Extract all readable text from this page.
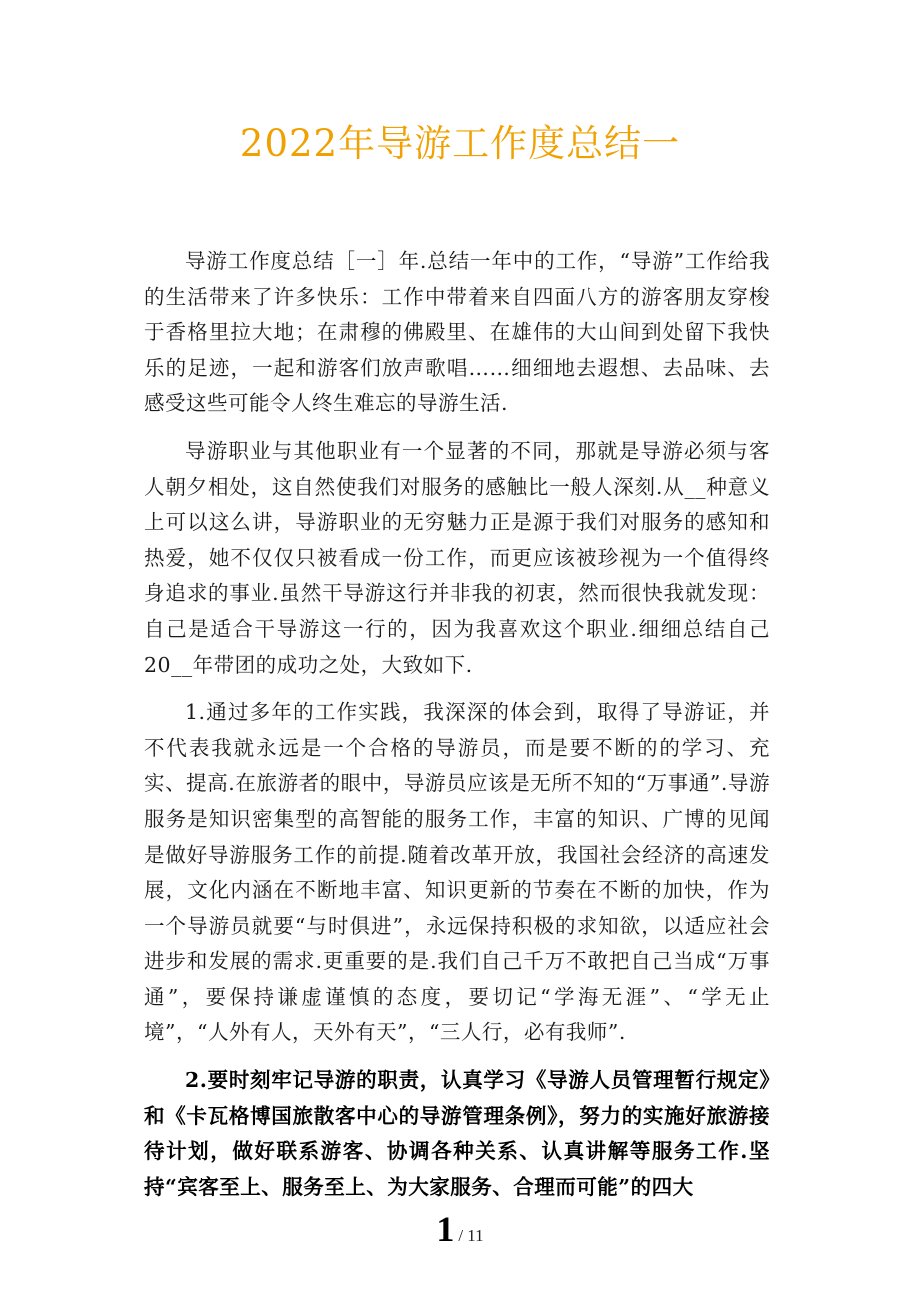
2022年导游工作度总结一

导游工作度总结［一］年.总结一年中的工作，“导游”工作给我的生活带来了许多快乐：工作中带着来自四面八方的游客朋友穿梭于香格里拉大地；在肃穆的佛殿里、在雄伟的大山间到处留下我快乐的足迹，一起和游客们放声歌唱……细细地去遐想、去品味、去感受这些可能令人终生难忘的导游生活.

导游职业与其他职业有一个显著的不同，那就是导游必须与客人朝夕相处，这自然使我们对服务的感触比一般人深刻.从__种意义上可以这么讲，导游职业的无穷魅力正是源于我们对服务的感知和热爱，她不仅仅只被看成一份工作，而更应该被珍视为一个值得终身追求的事业.虽然干导游这行并非我的初衷，然而很快我就发现：自己是适合干导游这一行的，因为我喜欢这个职业.细细总结自己20__年带团的成功之处，大致如下.

1.通过多年的工作实践，我深深的体会到，取得了导游证，并不代表我就永远是一个合格的导游员，而是要不断的的学习、充实、提高.在旅游者的眼中，导游员应该是无所不知的“万事通”.导游服务是知识密集型的高智能的服务工作，丰富的知识、广博的见闻是做好导游服务工作的前提.随着改革开放，我国社会经济的高速发展，文化内涵在不断地丰富、知识更新的节奏在不断的加快，作为一个导游员就要“与时俱进”，永远保持积极的求知欲，以适应社会进步和发展的需求.更重要的是.我们自己千万不敢把自己当成“万事通”，要保持谦虚谨慎的态度，要切记“学海无涯”、“学无止境”，“人外有人，天外有天”，“三人行，必有我师”.

2.要时刻牢记导游的职责，认真学习《导游人员管理暂行规定》和《卡瓦格博国旅散客中心的导游管理条例》，努力的实施好旅游接待计划，做好联系游客、协调各种关系、认真讲解等服务工作.坚持“宾客至上、服务至上、为大家服务、合理而可能”的四大

1 / 11
